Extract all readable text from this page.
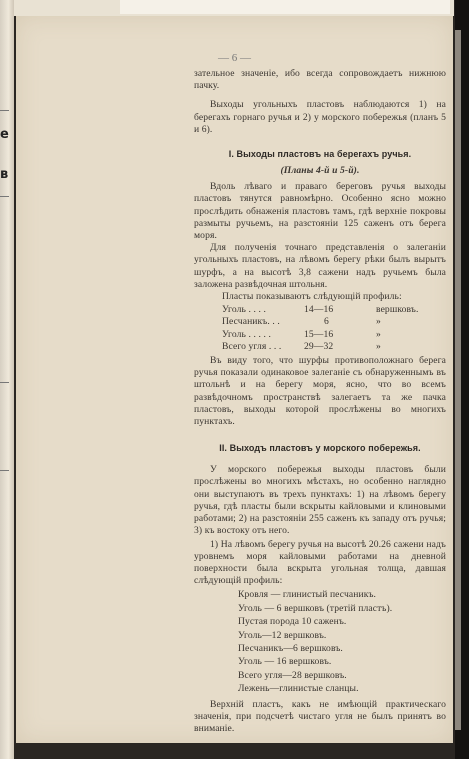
е
в
— 6 —

зательное значеніе, ибо всегда сопровождаетъ нижнюю пачку.

Выходы угольныхъ пластовъ наблюдаются 1) на берегахъ горнаго ручья и 2) у морского побережья (планъ 5 и 6).

I. Выходы пластовъ на берегахъ ручья.
(Планы 4-й и 5-й).

Вдоль лѣваго и праваго береговъ ручья выходы пластовъ тянутся равномѣрно. Особенно ясно можно прослѣдить обнаженія пластовъ тамъ, гдѣ верхніе покровы размыты ручьемъ, на разстояніи 125 саженъ отъ берега моря.

Для полученія точнаго представленія о залеганіи угольныхъ пластовъ, на лѣвомъ берегу рѣки былъ вырытъ шурфъ, а на высотѣ 3,8 сажени надъ ручьемъ была заложена развѣдочная штольня.

Пласты показываютъ слѣдующій профиль:

Уголь . . . .	14—16	вершковъ.
Песчаникъ. . .	6	»
Уголь . . . . .	15—16	»
Всего угля . . .	29—32	»

Въ виду того, что шурфы противоположнаго берега ручья показали одинаковое залеганіе съ обнаруженнымъ въ штольнѣ и на берегу моря, ясно, что во всемъ развѣдочномъ пространствѣ залегаетъ та же пачка пластовъ, выходы которой прослѣжены во многихъ пунктахъ.

II. Выходъ пластовъ у морского побережья.

У морского побережья выходы пластовъ были прослѣжены во многихъ мѣстахъ, но особенно наглядно они выступаютъ въ трехъ пунктахъ: 1) на лѣвомъ берегу ручья, гдѣ пласты были вскрыты кайловыми и клиновыми работами; 2) на разстояніи 255 саженъ къ западу отъ ручья; 3) къ востоку отъ него.

1) На лѣвомъ берегу ручья на высотѣ 20.26 сажени надъ уровнемъ моря кайловыми работами на дневной поверхности была вскрыта угольная толща, давшая слѣдующій профиль:

Кровля — глинистый песчаникъ.
Уголь — 6 вершковъ (третій пластъ).
Пустая порода 10 саженъ.
Уголь—12 вершковъ.
Песчаникъ—6 вершковъ.
Уголь — 16 вершковъ.
Всего угля—28 вершковъ.
Лежень—глинистые сланцы.

Верхній пластъ, какъ не имѣющій практическаго значенія, при подсчетѣ чистаго угля не былъ принятъ во вниманіе.
